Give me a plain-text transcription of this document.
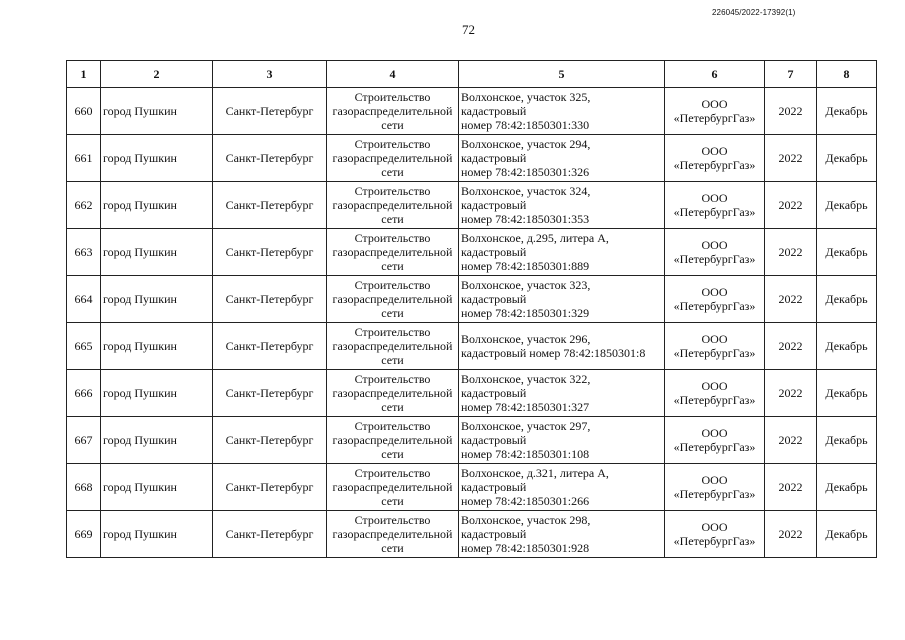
72
226045/2022-17392(1)
1	2	3	4	5	6	7	8
660	город Пушкин	Санкт-Петербург	Строительство газораспределительной сети	Волхонское, участок 325,
кадастровый
номер 78:42:1850301:330	ООО
«ПетербургГаз»	2022	Декабрь
661	город Пушкин	Санкт-Петербург	Строительство газораспределительной сети	Волхонское, участок 294,
кадастровый
номер 78:42:1850301:326	ООО
«ПетербургГаз»	2022	Декабрь
662	город Пушкин	Санкт-Петербург	Строительство газораспределительной сети	Волхонское, участок 324,
кадастровый
номер 78:42:1850301:353	ООО
«ПетербургГаз»	2022	Декабрь
663	город Пушкин	Санкт-Петербург	Строительство газораспределительной сети	Волхонское, д.295, литера А,
кадастровый
номер 78:42:1850301:889	ООО
«ПетербургГаз»	2022	Декабрь
664	город Пушкин	Санкт-Петербург	Строительство газораспределительной сети	Волхонское, участок 323,
кадастровый
номер 78:42:1850301:329	ООО
«ПетербургГаз»	2022	Декабрь
665	город Пушкин	Санкт-Петербург	Строительство газораспределительной сети	Волхонское, участок 296,
кадастровый номер 78:42:1850301:8	ООО
«ПетербургГаз»	2022	Декабрь
666	город Пушкин	Санкт-Петербург	Строительство газораспределительной сети	Волхонское, участок 322,
кадастровый
номер 78:42:1850301:327	ООО
«ПетербургГаз»	2022	Декабрь
667	город Пушкин	Санкт-Петербург	Строительство газораспределительной сети	Волхонское, участок 297,
кадастровый
номер 78:42:1850301:108	ООО
«ПетербургГаз»	2022	Декабрь
668	город Пушкин	Санкт-Петербург	Строительство газораспределительной сети	Волхонское, д.321, литера А,
кадастровый
номер 78:42:1850301:266	ООО
«ПетербургГаз»	2022	Декабрь
669	город Пушкин	Санкт-Петербург	Строительство газораспределительной сети	Волхонское, участок 298,
кадастровый
номер 78:42:1850301:928	ООО
«ПетербургГаз»	2022	Декабрь
